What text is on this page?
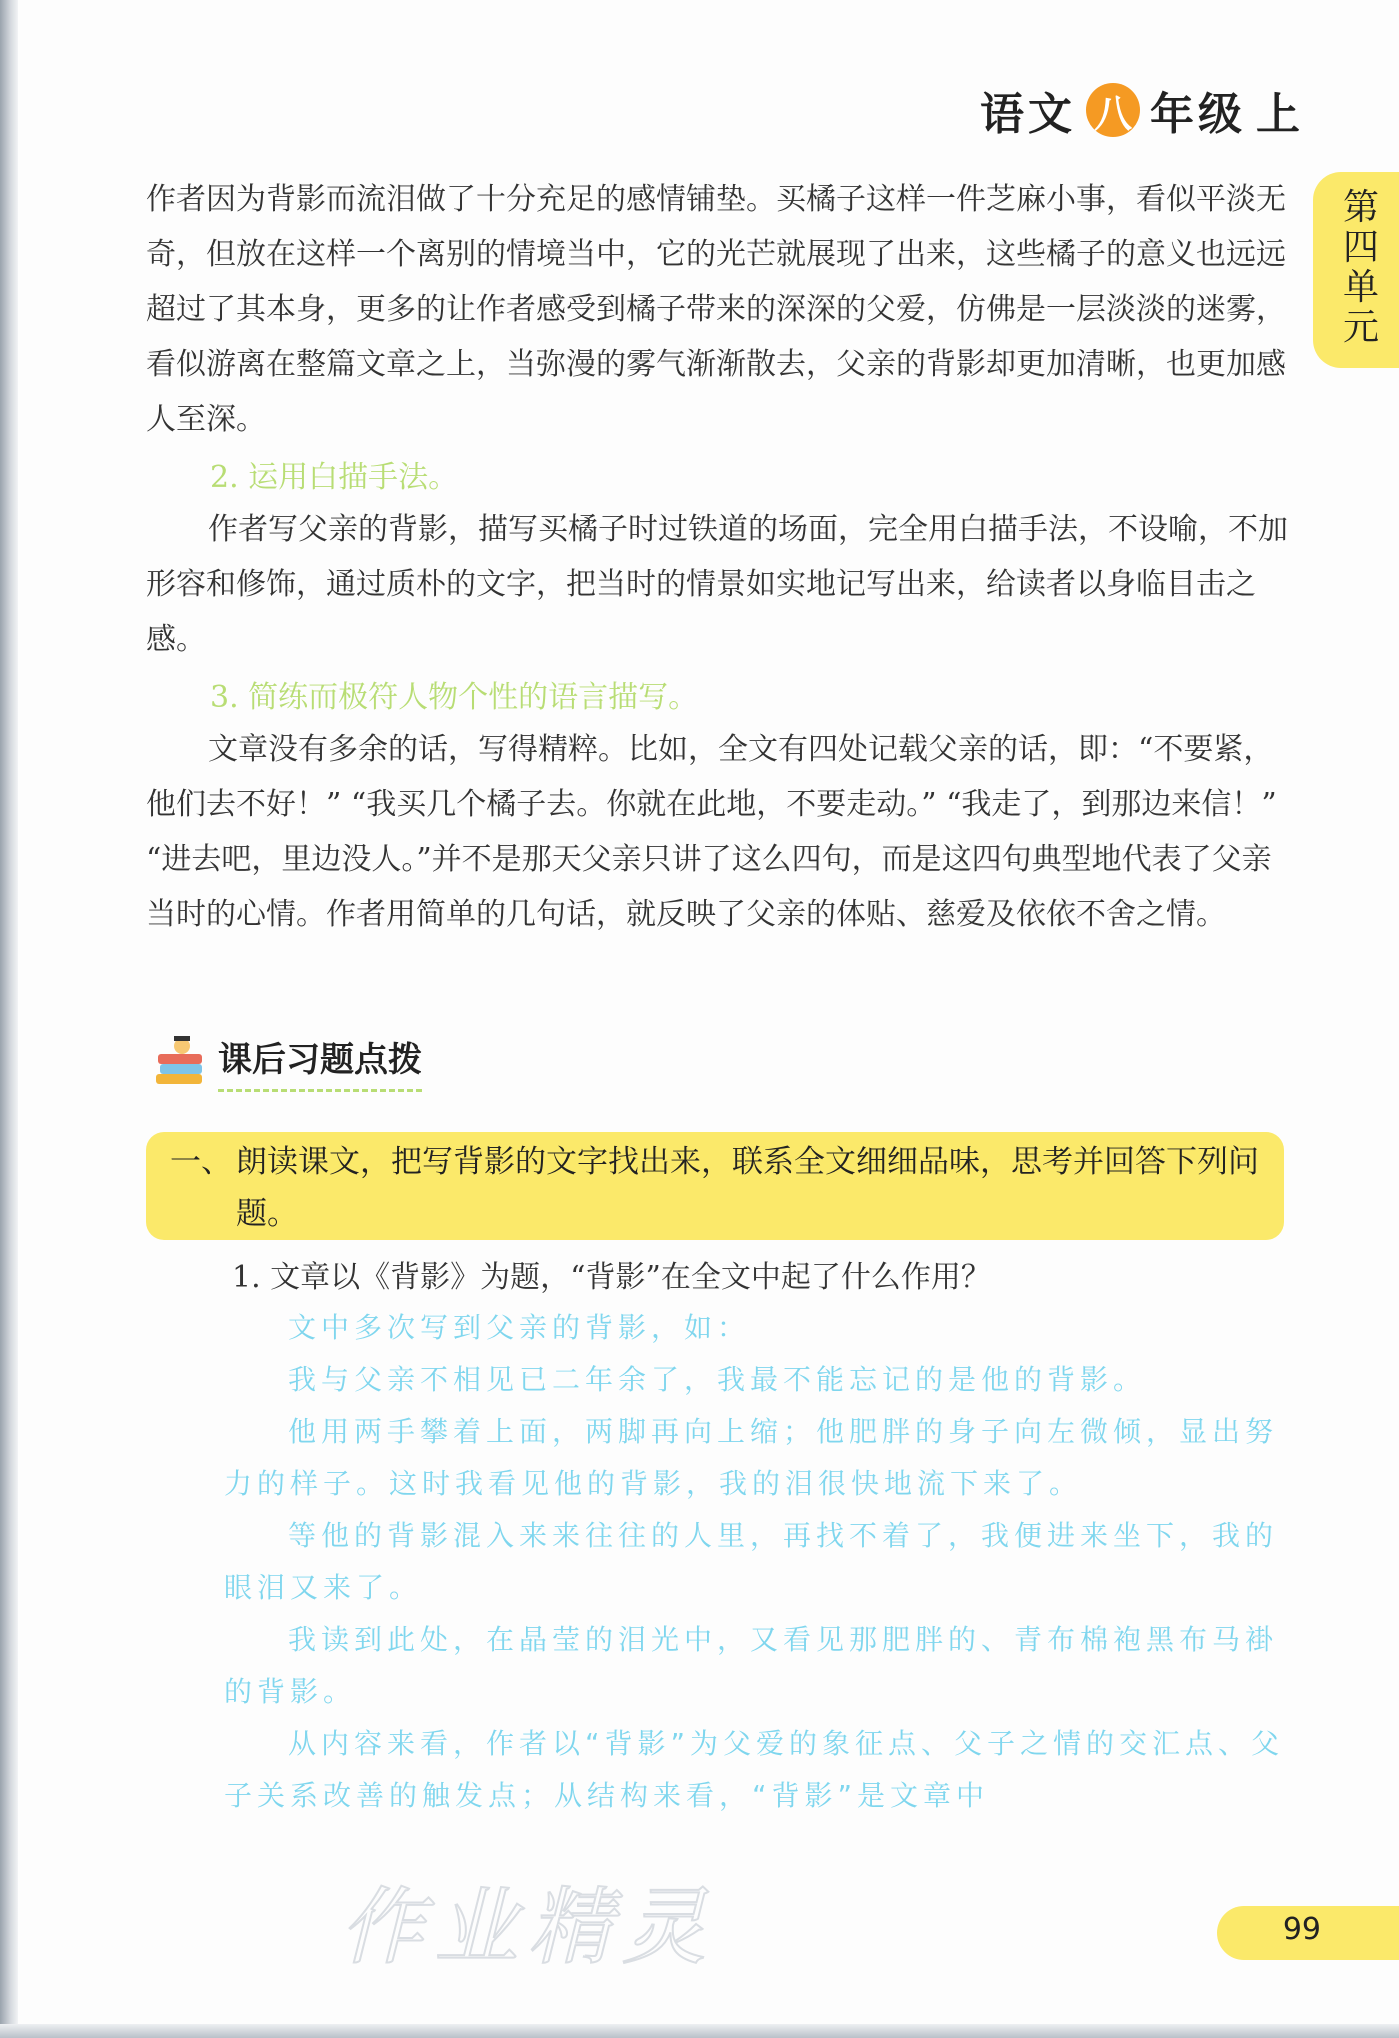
语文 八 年级 上
第四单元

作者因为背影而流泪做了十分充足的感情铺垫。买橘子这样一件芝麻小事，看似平淡无奇，但放在这样一个离别的情境当中，它的光芒就展现了出来，这些橘子的意义也远远超过了其本身，更多的让作者感受到橘子带来的深深的父爱，仿佛是一层淡淡的迷雾，看似游离在整篇文章之上，当弥漫的雾气渐渐散去，父亲的背影却更加清晰，也更加感人至深。

2. 运用白描手法。

作者写父亲的背影，描写买橘子时过铁道的场面，完全用白描手法，不设喻，不加形容和修饰，通过质朴的文字，把当时的情景如实地记写出来，给读者以身临目击之感。

3. 简练而极符人物个性的语言描写。

文章没有多余的话，写得精粹。比如，全文有四处记载父亲的话，即：“不要紧，他们去不好！” “我买几个橘子去。你就在此地，不要走动。” “我走了，到那边来信！” “进去吧，里边没人。”并不是那天父亲只讲了这么四句，而是这四句典型地代表了父亲当时的心情。作者用简单的几句话，就反映了父亲的体贴、慈爱及依依不舍之情。

课后习题点拨
一、 朗读课文，把写背影的文字找出来，联系全文细细品味，思考并回答下列问题。
1. 文章以《背影》为题，“背影”在全文中起了什么作用？

文中多次写到父亲的背影，如：

我与父亲不相见已二年余了，我最不能忘记的是他的背影。

他用两手攀着上面，两脚再向上缩；他肥胖的身子向左微倾，显出努力的样子。这时我看见他的背影，我的泪很快地流下来了。

等他的背影混入来来往往的人里，再找不着了，我便进来坐下，我的眼泪又来了。

我读到此处，在晶莹的泪光中，又看见那肥胖的、青布棉袍黑布马褂的背影。

从内容来看，作者以“背影”为父爱的象征点、父子之情的交汇点、父子关系改善的触发点；从结构来看，“背影”是文章中

作业精灵	99
